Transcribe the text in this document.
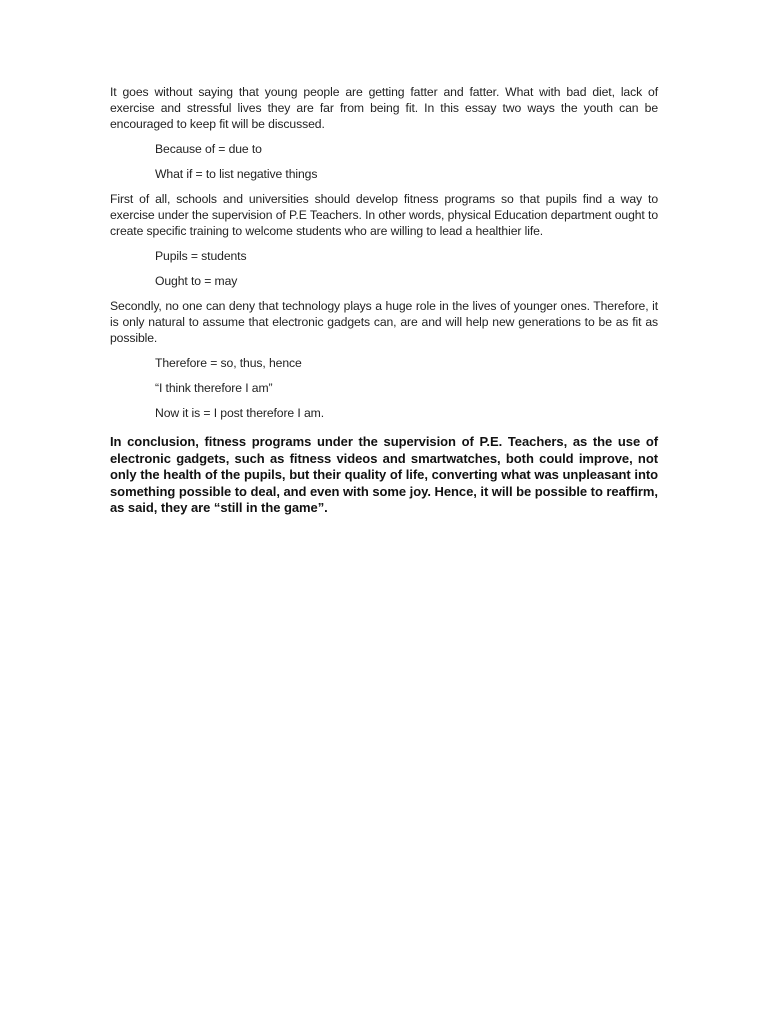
It goes without saying that young people are getting fatter and fatter. What with bad diet, lack of exercise and stressful lives they are far from being fit. In this essay two ways the youth can be encouraged to keep fit will be discussed.

Because of = due to

What if = to list negative things

First of all, schools and universities should develop fitness programs so that pupils find a way to exercise under the supervision of P.E Teachers. In other words, physical Education department ought to create specific training to welcome students who are willing to lead a healthier life.

Pupils = students

Ought to = may

Secondly, no one can deny that technology plays a huge role in the lives of younger ones. Therefore, it is only natural to assume that electronic gadgets can, are and will help new generations to be as fit as possible.

Therefore = so, thus, hence

“I think therefore I am”

Now it is = I post therefore I am.

In conclusion, fitness programs under the supervision of P.E. Teachers, as the use of electronic gadgets, such as fitness videos and smartwatches, both could improve, not only the health of the pupils, but their quality of life, converting what was unpleasant into something possible to deal, and even with some joy. Hence, it will be possible to reaffirm, as said, they are “still in the game”.
